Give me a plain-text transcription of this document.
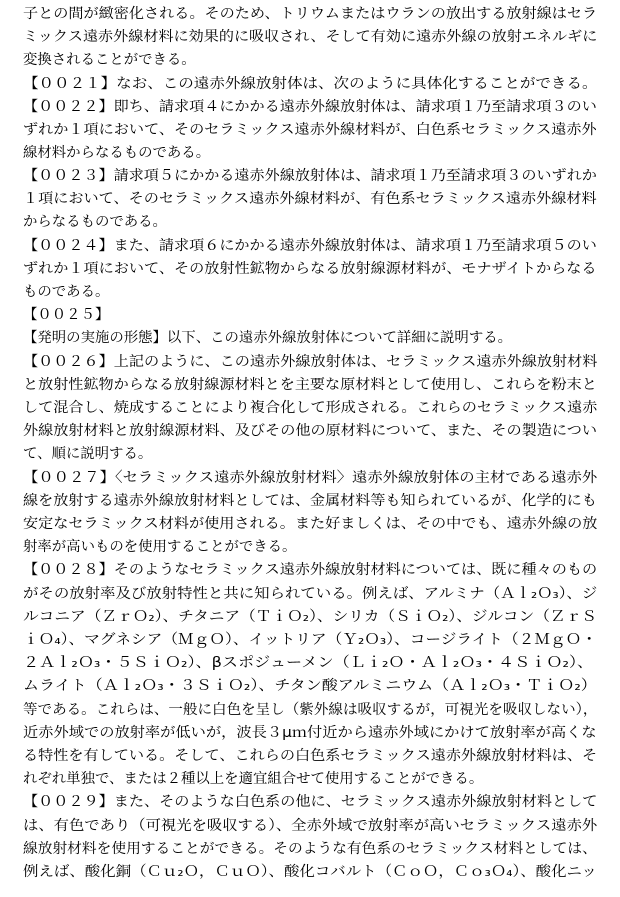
子との間が緻密化される。そのため、トリウムまたはウランの放出する放射線はセラ
ミックス遠赤外線材料に効果的に吸収され、そして有効に遠赤外線の放射エネルギに
変換されることができる。
【００２１】なお、この遠赤外線放射体は、次のように具体化することができる。
【００２２】即ち、請求項４にかかる遠赤外線放射体は、請求項１乃至請求項３のい
ずれか１項において、そのセラミックス遠赤外線材料が、白色系セラミックス遠赤外
線材料からなるものである。
【００２３】請求項５にかかる遠赤外線放射体は、請求項１乃至請求項３のいずれか
１項において、そのセラミックス遠赤外線材料が、有色系セラミックス遠赤外線材料
からなるものである。
【００２４】また、請求項６にかかる遠赤外線放射体は、請求項１乃至請求項５のい
ずれか１項において、その放射性鉱物からなる放射線源材料が、モナザイトからなる
ものである。
【００２５】
【発明の実施の形態】以下、この遠赤外線放射体について詳細に説明する。
【００２６】上記のように、この遠赤外線放射体は、セラミックス遠赤外線放射材料
と放射性鉱物からなる放射線源材料とを主要な原材料として使用し、これらを粉末と
して混合し、焼成することにより複合化して形成される。これらのセラミックス遠赤
外線放射材料と放射線源材料、及びその他の原材料について、また、その製造につい
て、順に説明する。
【００２７】〈セラミックス遠赤外線放射材料〉遠赤外線放射体の主材である遠赤外
線を放射する遠赤外線放射材料としては、金属材料等も知られているが、化学的にも
安定なセラミックス材料が使用される。また好ましくは、その中でも、遠赤外線の放
射率が高いものを使用することができる。
【００２８】そのようなセラミックス遠赤外線放射材料については、既に種々のもの
がその放射率及び放射特性と共に知られている。例えば、アルミナ（Ａｌ₂Ｏ₃）、ジ
ルコニア（ＺｒＯ₂）、チタニア（ＴｉＯ₂）、シリカ（ＳｉＯ₂）、ジルコン（ＺｒＳ
ｉＯ₄）、マグネシア（ＭｇＯ）、イットリア（Ｙ₂Ｏ₃）、コージライト（２ＭｇＯ・
２Ａｌ₂Ｏ₃・５ＳｉＯ₂）、βスポジューメン（Ｌｉ₂Ｏ・Ａｌ₂Ｏ₃・４ＳｉＯ₂）、
ムライト（Ａｌ₂Ｏ₃・３ＳｉＯ₂）、チタン酸アルミニウム（Ａｌ₂Ｏ₃・ＴｉＯ₂）
等である。これらは、一般に白色を呈し（紫外線は吸収するが，可視光を吸収しない），
近赤外域での放射率が低いが，波長３μｍ付近から遠赤外域にかけて放射率が高くな
る特性を有している。そして、これらの白色系セラミックス遠赤外線放射材料は、そ
れぞれ単独で、または２種以上を適宜組合せて使用することができる。
【００２９】また、そのような白色系の他に、セラミックス遠赤外線放射材料として
は、有色であり（可視光を吸収する）、全赤外域で放射率が高いセラミックス遠赤外
線放射材料を使用することができる。そのような有色系のセラミックス材料としては、
例えば、酸化銅（Ｃｕ₂Ｏ，ＣｕＯ）、酸化コバルト（ＣｏＯ，Ｃｏ₃Ｏ₄）、酸化ニッ
